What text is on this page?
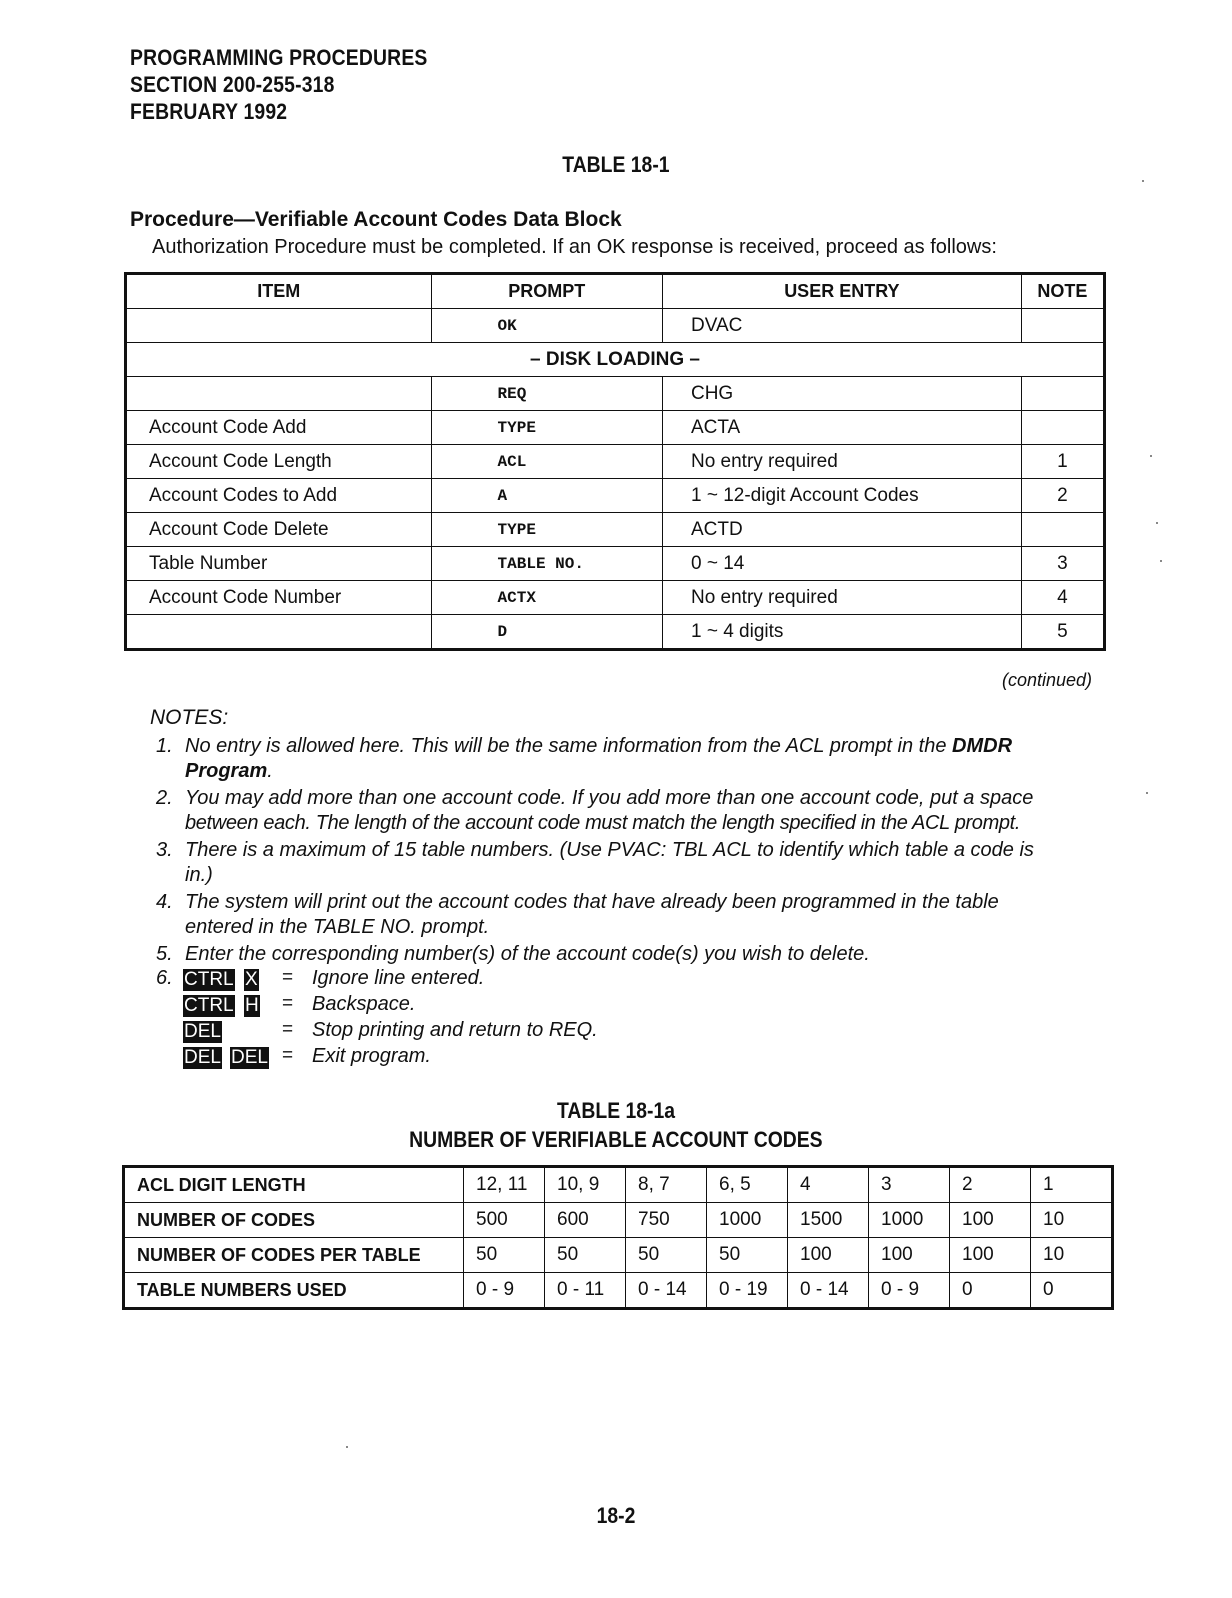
PROGRAMMING PROCEDURES
SECTION 200-255-318
FEBRUARY 1992
TABLE 18-1
Procedure—Verifiable Account Codes Data Block
Authorization Procedure must be completed. If an OK response is received, proceed as follows:
ITEM	PROMPT	USER ENTRY	NOTE
	OK	DVAC	
– DISK LOADING –			
	REQ	CHG	
Account Code Add	TYPE	ACTA	
Account Code Length	ACL	No entry required	1
Account Codes to Add	A	1 ~ 12-digit Account Codes	2
Account Code Delete	TYPE	ACTD	
Table Number	TABLE NO.	0 ~ 14	3
Account Code Number	ACTX	No entry required	4
	D	1 ~ 4 digits	5
(continued)
NOTES:
1. No entry is allowed here. This will be the same information from the ACL prompt in the DMDR
Program.
2. You may add more than one account code. If you add more than one account code, put a space
between each. The length of the account code must match the length specified in the ACL prompt.
3. There is a maximum of 15 table numbers. (Use PVAC: TBL ACL to identify which table a code is
in.)
4. The system will print out the account codes that have already been programmed in the table
entered in the TABLE NO. prompt.
5. Enter the corresponding number(s) of the account code(s) you wish to delete.
6. CTRL X = Ignore line entered.
CTRL H = Backspace.
DEL	= Stop printing and return to REQ.
DEL DEL = Exit program.
TABLE 18-1a
NUMBER OF VERIFIABLE ACCOUNT CODES
ACL DIGIT LENGTH	12, 11	10, 9	8, 7	6, 5	4	3	2	1
NUMBER OF CODES	500	600	750	1000	1500	1000	100	10
NUMBER OF CODES PER TABLE	50	50	50	50	100	100	100	10
TABLE NUMBERS USED	0 - 9	0 - 11	0 - 14	0 - 19	0 - 14	0 - 9	0	0
18-2
